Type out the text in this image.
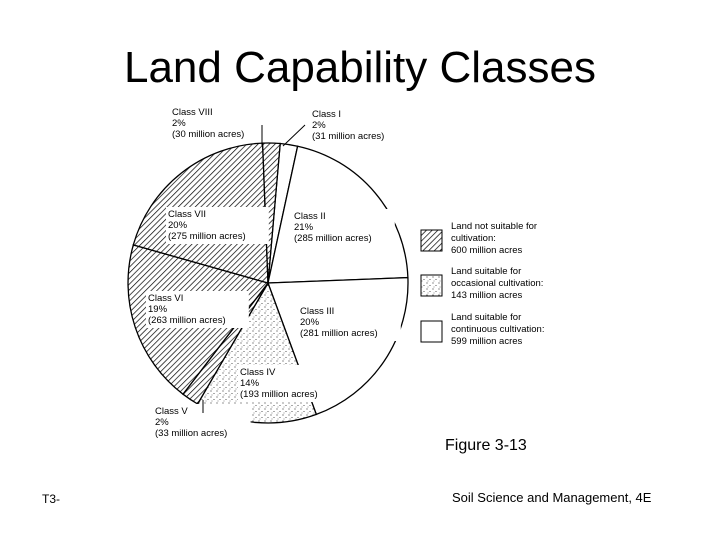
Land Capability Classes
Class I
2%
(31 million acres)
Class II
21%
(285 million acres)
Class III
20%
(281 million acres)
Class IV
14%
(193 million acres)
Class V
2%
(33 million acres)
Class VI
19%
(263 million acres)
Class VII
20%
(275 million acres)
Class VIII
2%
(30 million acres)
Land not suitable for
cultivation:
600 million acres
Land suitable for
occasional cultivation:
143 million acres
Land suitable for
continuous cultivation:
599 million acres
Figure 3-13
T3-	Soil Science and Management, 4E
